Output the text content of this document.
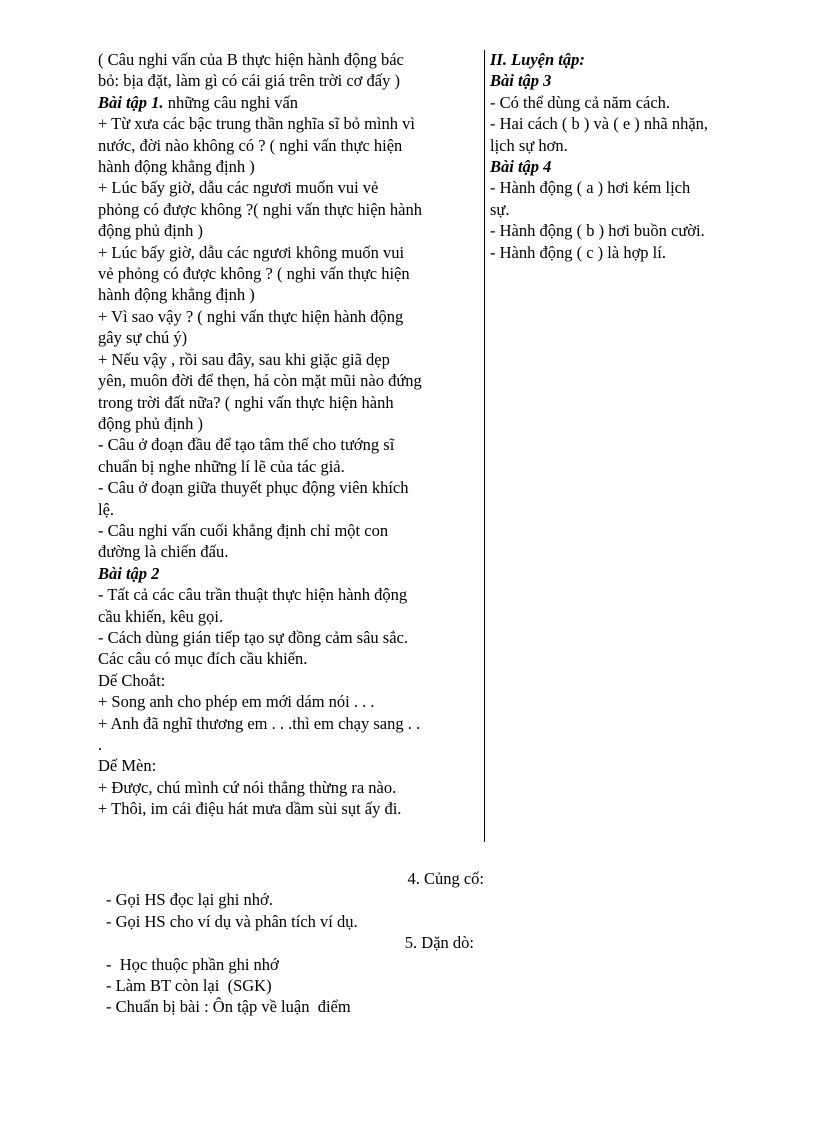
( Câu nghi vấn của B thực hiện hành động bác
bỏ: bịa đặt, làm gì có cái giá trên trời cơ đấy )
Bài tập 1. những câu nghi vấn
+ Từ xưa các bậc trung thần nghĩa sĩ bỏ mình vì
nước, đời nào không có ? ( nghi vấn thực hiện
hành động khẳng định )
+ Lúc bấy giờ, dẫu các ngươi muốn vui vẻ
phỏng có được không ?( nghi vấn thực hiện hành
động phủ định )
+ Lúc bấy giờ, dẫu các ngươi không muốn vui
vẻ phỏng có được không ? ( nghi vấn thực hiện
hành động khẳng định )
+ Vì sao vậy ? ( nghi vấn thực hiện hành động
gây sự chú ý)
+ Nếu vậy , rồi sau đây, sau khi giặc giã dẹp
yên, muôn đời để thẹn, há còn mặt mũi nào đứng
trong trời đất nữa? ( nghi vấn thực hiện hành
động phủ định )
- Câu ở đoạn đầu để tạo tâm thế cho tướng sĩ
chuẩn bị nghe những lí lẽ của tác giả.
- Câu ở đoạn giữa thuyết phục động viên khích
lệ.
- Câu nghi vấn cuối khẳng định chỉ một con
đường là chiến đấu.
Bài tập 2
- Tất cả các câu trần thuật thực hiện hành động
cầu khiến, kêu gọi.
- Cách dùng gián tiếp tạo sự đồng cảm sâu sắc.
Các câu có mục đích cầu khiến.
Dế Choắt:
+ Song anh cho phép em mới dám nói . . .
+ Anh đã nghĩ thương em . . .thì em chạy sang . .
.
Dế Mèn:
+ Được, chú mình cứ nói thẳng thừng ra nào.
+ Thôi, im cái điệu hát mưa dầm sùi sụt ấy đi.
II. Luyện tập:
Bài tập 3
- Có thể dùng cả năm cách.
- Hai cách ( b ) và ( e ) nhã nhặn,
lịch sự hơn.
Bài tập 4
- Hành động ( a ) hơi kém lịch
sự.
- Hành động ( b ) hơi buồn cười.
- Hành động ( c ) là hợp lí.
4. Củng cố:
- Gọi HS đọc lại ghi nhớ.
- Gọi HS cho ví dụ và phân tích ví dụ.
5. Dặn dò:
-  Học thuộc phần ghi nhớ
- Làm BT còn lại  (SGK)
- Chuẩn bị bài : Ôn tập về luận  điểm
